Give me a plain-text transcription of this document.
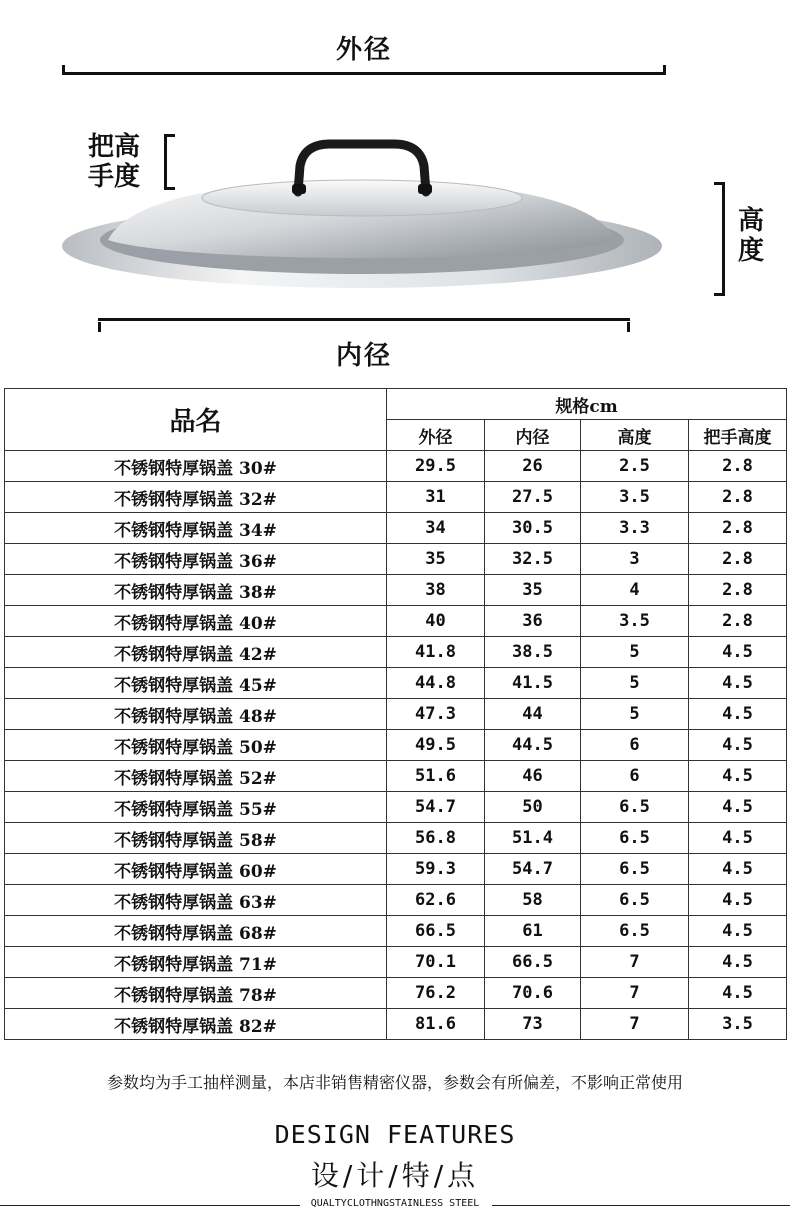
外径
把高
手度
高
度
内径
品名	规格cm			
	外径	内径	高度	把手高度
不锈钢特厚锅盖 30#	29.5	26	2.5	2.8
不锈钢特厚锅盖 32#	31	27.5	3.5	2.8
不锈钢特厚锅盖 34#	34	30.5	3.3	2.8
不锈钢特厚锅盖 36#	35	32.5	3	2.8
不锈钢特厚锅盖 38#	38	35	4	2.8
不锈钢特厚锅盖 40#	40	36	3.5	2.8
不锈钢特厚锅盖 42#	41.8	38.5	5	4.5
不锈钢特厚锅盖 45#	44.8	41.5	5	4.5
不锈钢特厚锅盖 48#	47.3	44	5	4.5
不锈钢特厚锅盖 50#	49.5	44.5	6	4.5
不锈钢特厚锅盖 52#	51.6	46	6	4.5
不锈钢特厚锅盖 55#	54.7	50	6.5	4.5
不锈钢特厚锅盖 58#	56.8	51.4	6.5	4.5
不锈钢特厚锅盖 60#	59.3	54.7	6.5	4.5
不锈钢特厚锅盖 63#	62.6	58	6.5	4.5
不锈钢特厚锅盖 68#	66.5	61	6.5	4.5
不锈钢特厚锅盖 71#	70.1	66.5	7	4.5
不锈钢特厚锅盖 78#	76.2	70.6	7	4.5
不锈钢特厚锅盖 82#	81.6	73	7	3.5
参数均为手工抽样测量，本店非销售精密仪器，参数会有所偏差，不影响正常使用
DESIGN FEATURES
设/计/特/点
QUALTYCLOTHNGSTAINLESS STEEL
